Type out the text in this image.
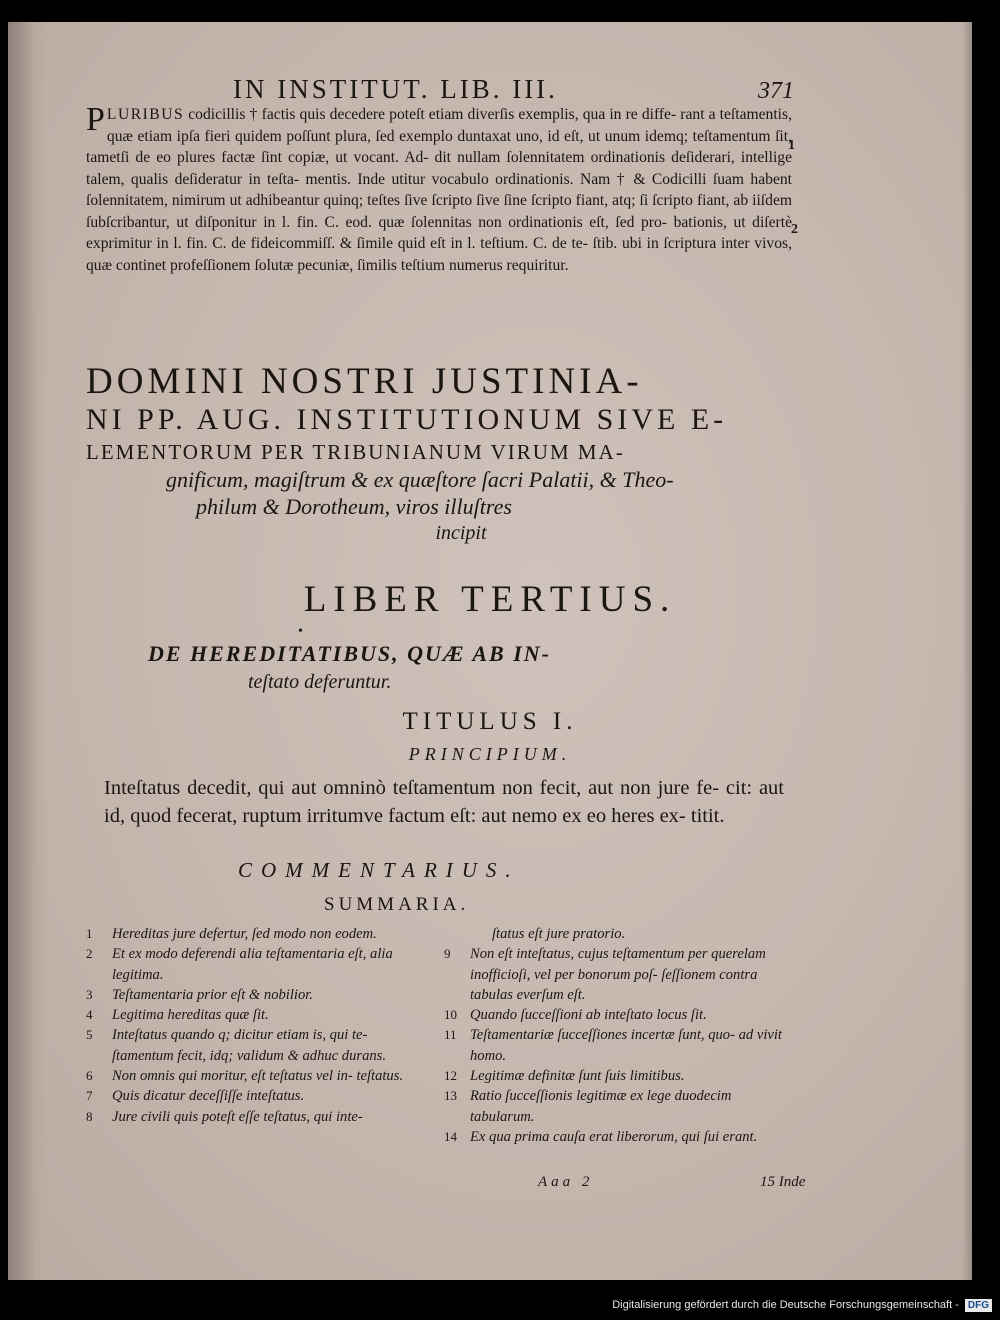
IN INSTITUT. LIB. III.	371
PLURIBUS codicillis † factis quis decedere poteſt etiam diverſis exemplis, qua in re diffe- rant a teſtamentis, quæ etiam ipſa fieri quidem poſſunt plura, ſed exemplo duntaxat uno, id eſt, ut unum idemq; teſtamentum ſit, tametſi de eo plures factæ ſint copiæ, ut vocant. Ad- dit nullam ſolennitatem ordinationis deſiderari, intellige talem, qualis deſideratur in teſta- mentis. Inde utitur vocabulo ordinationis. Nam † & Codicilli ſuam habent ſolennitatem, nimirum ut adhibeantur quinq; teſtes ſive ſcripto ſive ſine ſcripto fiant, atq; ſi ſcripto fiant, ab iiſdem ſubſcribantur, ut diſponitur in l. fin. C. eod. quæ ſolennitas non ordinationis eſt, ſed pro- bationis, ut diſertè exprimitur in l. fin. C. de fideicommiſſ. & ſimile quid eſt in l. teſtium. C. de te- ſtib. ubi in ſcriptura inter vivos, quæ continet profeſſionem ſolutæ pecuniæ, ſimilis teſtium numerus requiritur.
1
2
DOMINI NOSTRI JUSTINIA-
NI PP. AUG. INSTITUTIONUM SIVE E-
LEMENTORUM PER TRIBUNIANUM VIRUM MA-
gnificum, magiſtrum & ex quæſtore ſacri Palatii, & Theo-
philum & Dorotheum, viros illuſtres
incipit
LIBER TERTIUS.
•
DE HEREDITATIBUS, QUÆ AB IN-
teſtato deferuntur.
TITULUS I.
PRINCIPIUM.
Inteſtatus decedit, qui aut omninò teſtamentum non fecit, aut non jure fe- cit: aut id, quod fecerat, ruptum irritumve factum eſt: aut nemo ex eo heres ex- titit.
COMMENTARIUS.
SUMMARIA.
1	Hereditas jure defertur, ſed modo non eodem.
2	Et ex modo deferendi alia teſtamentaria eſt, alia legitima.
3	Teſtamentaria prior eſt & nobilior.
4	Legitima hereditas quæ ſit.
5	Inteſtatus quando q; dicitur etiam is, qui te- ſtamentum fecit, idq; validum & adhuc durans.
6	Non omnis qui moritur, eſt teſtatus vel in- teſtatus.
7	Quis dicatur deceſſiſſe inteſtatus.
8	Jure civili quis poteſt eſſe teſtatus, qui inte-
ſtatus eſt jure pratorio.
9	Non eſt inteſtatus, cujus teſtamentum per querelam inofficioſi, vel per bonorum poſ- ſeſſionem contra tabulas everſum eſt.
10 Quando ſucceſſioni ab inteſtato locus ſit.
11 Teſtamentariæ ſucceſſiones incertæ ſunt, quo- ad vivit homo.
12 Legitimæ definitæ ſunt ſuis limitibus.
13 Ratio ſucceſſionis legitimæ ex lege duodecim tabularum.
14 Ex qua prima cauſa erat liberorum, qui ſui erant.
Aaa 2	15 Inde
Digitalisierung gefördert durch die Deutsche Forschungsgemeinschaft - DFG
